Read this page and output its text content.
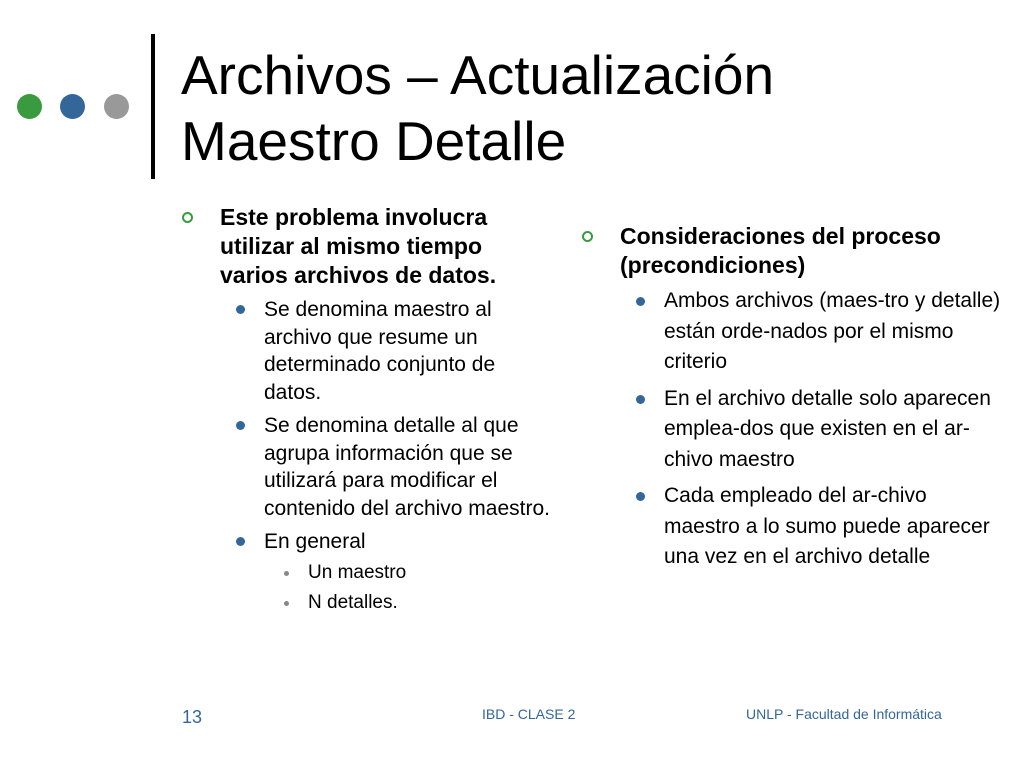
Archivos – Actualización
Maestro Detalle
Este problema involucra utilizar al mismo tiempo varios archivos de datos.
Se denomina maestro al archivo que resume un determinado conjunto de datos.
Se denomina detalle al que agrupa información que se utilizará para modificar el contenido del archivo maestro.
En general
Un maestro
N detalles.
Consideraciones del proceso (precondiciones)
Ambos archivos (maes-tro y detalle) están orde-nados por el mismo criterio
En el archivo detalle solo aparecen emplea-dos que existen en el ar-chivo maestro
Cada empleado del ar-chivo maestro a lo sumo puede aparecer una vez en el archivo detalle
13	IBD - CLASE 2	UNLP - Facultad de Informática
